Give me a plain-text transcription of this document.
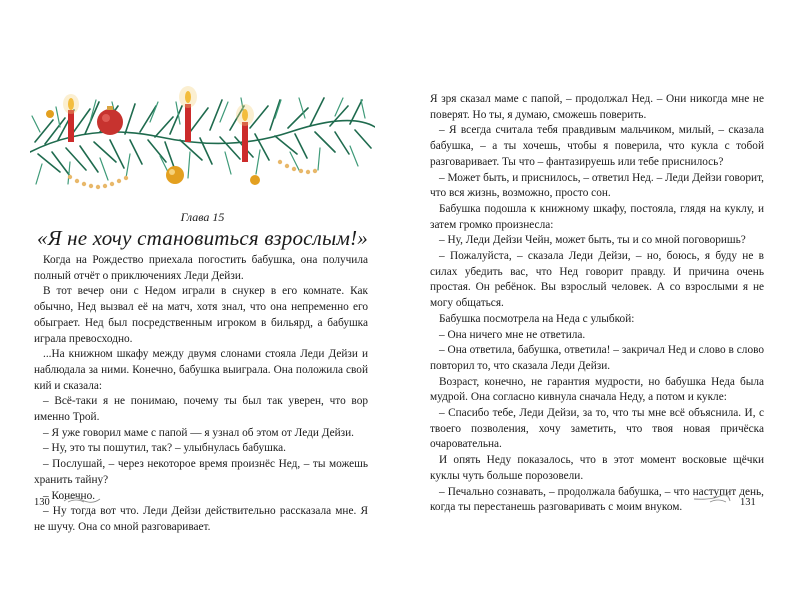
Глава 15
«Я не хочу становиться взрослым!»

Когда на Рождество приехала погостить бабушка, она получила полный отчёт о приключениях Леди Дейзи.

В тот вечер они с Недом играли в снукер в его комнате. Как обычно, Нед вызвал её на матч, хотя знал, что она непременно его обыграет. Нед был посредственным игроком в бильярд, а бабушка играла превосходно.

...На книжном шкафу между двумя слонами стояла Леди Дейзи и наблюдала за ними. Конечно, бабушка выиграла. Она положила свой кий и сказала:

– Всё-таки я не понимаю, почему ты был так уверен, что вор именно Трой.

– Я уже говорил маме с папой — я узнал об этом от Леди Дейзи.

– Ну, это ты пошутил, так? – улыбнулась бабушка.

– Послушай, – через некоторое время произнёс Нед, – ты можешь хранить тайну?

– Конечно.

– Ну тогда вот что. Леди Дейзи действительно рассказала мне. Я не шучу. Она со мной разговаривает.

130

Я зря сказал маме с папой, – продолжал Нед. – Они никогда мне не поверят. Но ты, я думаю, сможешь поверить.

– Я всегда считала тебя правдивым мальчиком, милый, – сказала бабушка, – а ты хочешь, чтобы я поверила, что кукла с тобой разговаривает. Ты что – фантазируешь или тебе приснилось?

– Может быть, и приснилось, – ответил Нед. – Леди Дейзи говорит, что вся жизнь, возможно, просто сон.

Бабушка подошла к книжному шкафу, постояла, глядя на куклу, и затем громко произнесла:

– Ну, Леди Дейзи Чейн, может быть, ты и со мной поговоришь?

– Пожалуйста, – сказала Леди Дейзи, – но, боюсь, я буду не в силах убедить вас, что Нед говорит правду. И причина очень простая. Он ребёнок. Вы взрослый человек. А со взрослыми я не могу общаться.

Бабушка посмотрела на Неда с улыбкой:

– Она ничего мне не ответила.

– Она ответила, бабушка, ответила! – закричал Нед и слово в слово повторил то, что сказала Леди Дейзи.

Возраст, конечно, не гарантия мудрости, но бабушка Неда была мудрой. Она согласно кивнула сначала Неду, а потом и кукле:

– Спасибо тебе, Леди Дейзи, за то, что ты мне всё объяснила. И, с твоего позволения, хочу заметить, что твоя новая причёска очаровательна.

И опять Неду показалось, что в этот момент восковые щёчки куклы чуть больше порозовели.

– Печально сознавать, – продолжала бабушка, – что наступит день, когда ты перестанешь разговаривать с моим внуком.	131
